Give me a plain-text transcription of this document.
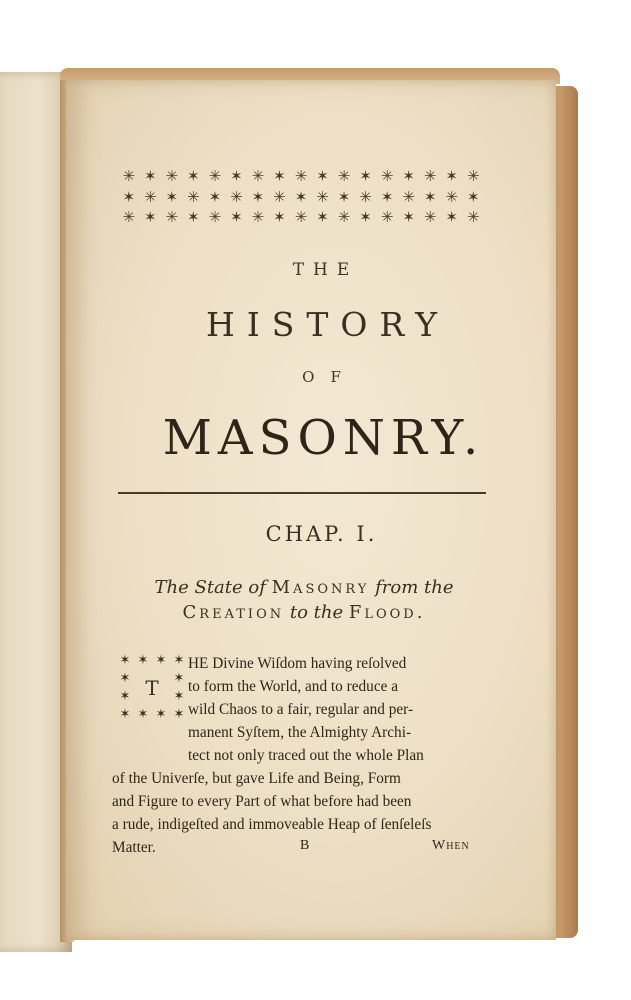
✳ ✶ ✳ ✶ ✳ ✶ ✳ ✶ ✳ ✶ ✳ ✶ ✳ ✶ ✳ ✶ ✳
✶ ✳ ✶ ✳ ✶ ✳ ✶ ✳ ✶ ✳ ✶ ✳ ✶ ✳ ✶ ✳ ✶
✳ ✶ ✳ ✶ ✳ ✶ ✳ ✶ ✳ ✶ ✳ ✶ ✳ ✶ ✳ ✶ ✳
THE
HISTORY
OF
MASONRY.
CHAP. I.
The State of Masonry from the
Creation to the Flood.
✶ ✶ ✶ ✶
✶	✶
✶	✶
✶ ✶ ✶ ✶
T
HE Divine Wiſdom having reſolved
to form the World, and to reduce a
wild Chaos to a fair, regular and per-
manent Syſtem, the Almighty Archi-
tect not only traced out the whole Plan
of the Univerſe, but gave Life and Being, Form
and Figure to every Part of what before had been
a rude, indigeſted and immoveable Heap of ſenſeleſs
Matter.	B	When
